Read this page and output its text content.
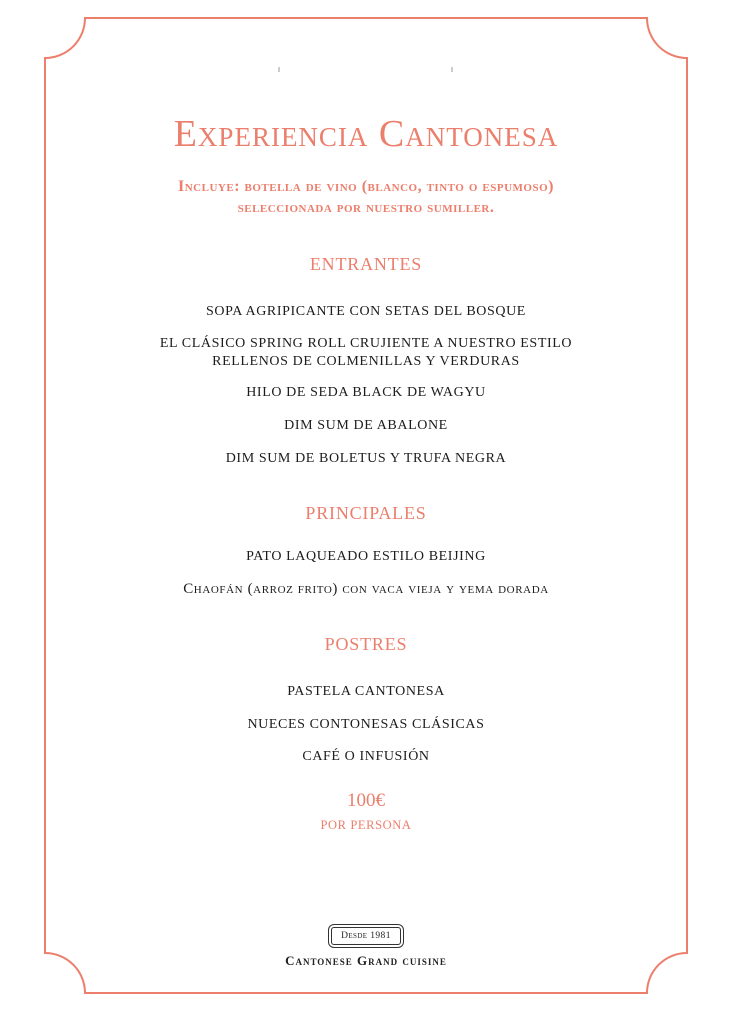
Experiencia Cantonesa
Incluye: botella de vino (blanco, tinto o espumoso)
seleccionada por nuestro sumiller.
ENTRANTES
SOPA AGRIPICANTE CON SETAS DEL BOSQUE
EL CLÁSICO SPRING ROLL CRUJIENTE A NUESTRO ESTILO
RELLENOS DE COLMENILLAS Y VERDURAS
HILO DE SEDA BLACK DE WAGYU
DIM SUM DE ABALONE
DIM SUM DE BOLETUS Y TRUFA NEGRA
PRINCIPALES
PATO LAQUEADO ESTILO BEIJING
Chaofán (arroz frito) con vaca vieja y yema dorada
POSTRES
PASTELA CANTONESA
NUECES CONTONESAS CLÁSICAS
CAFÉ O INFUSIÓN
100€
POR PERSONA
Desde 1981
Cantonese Grand cuisine
